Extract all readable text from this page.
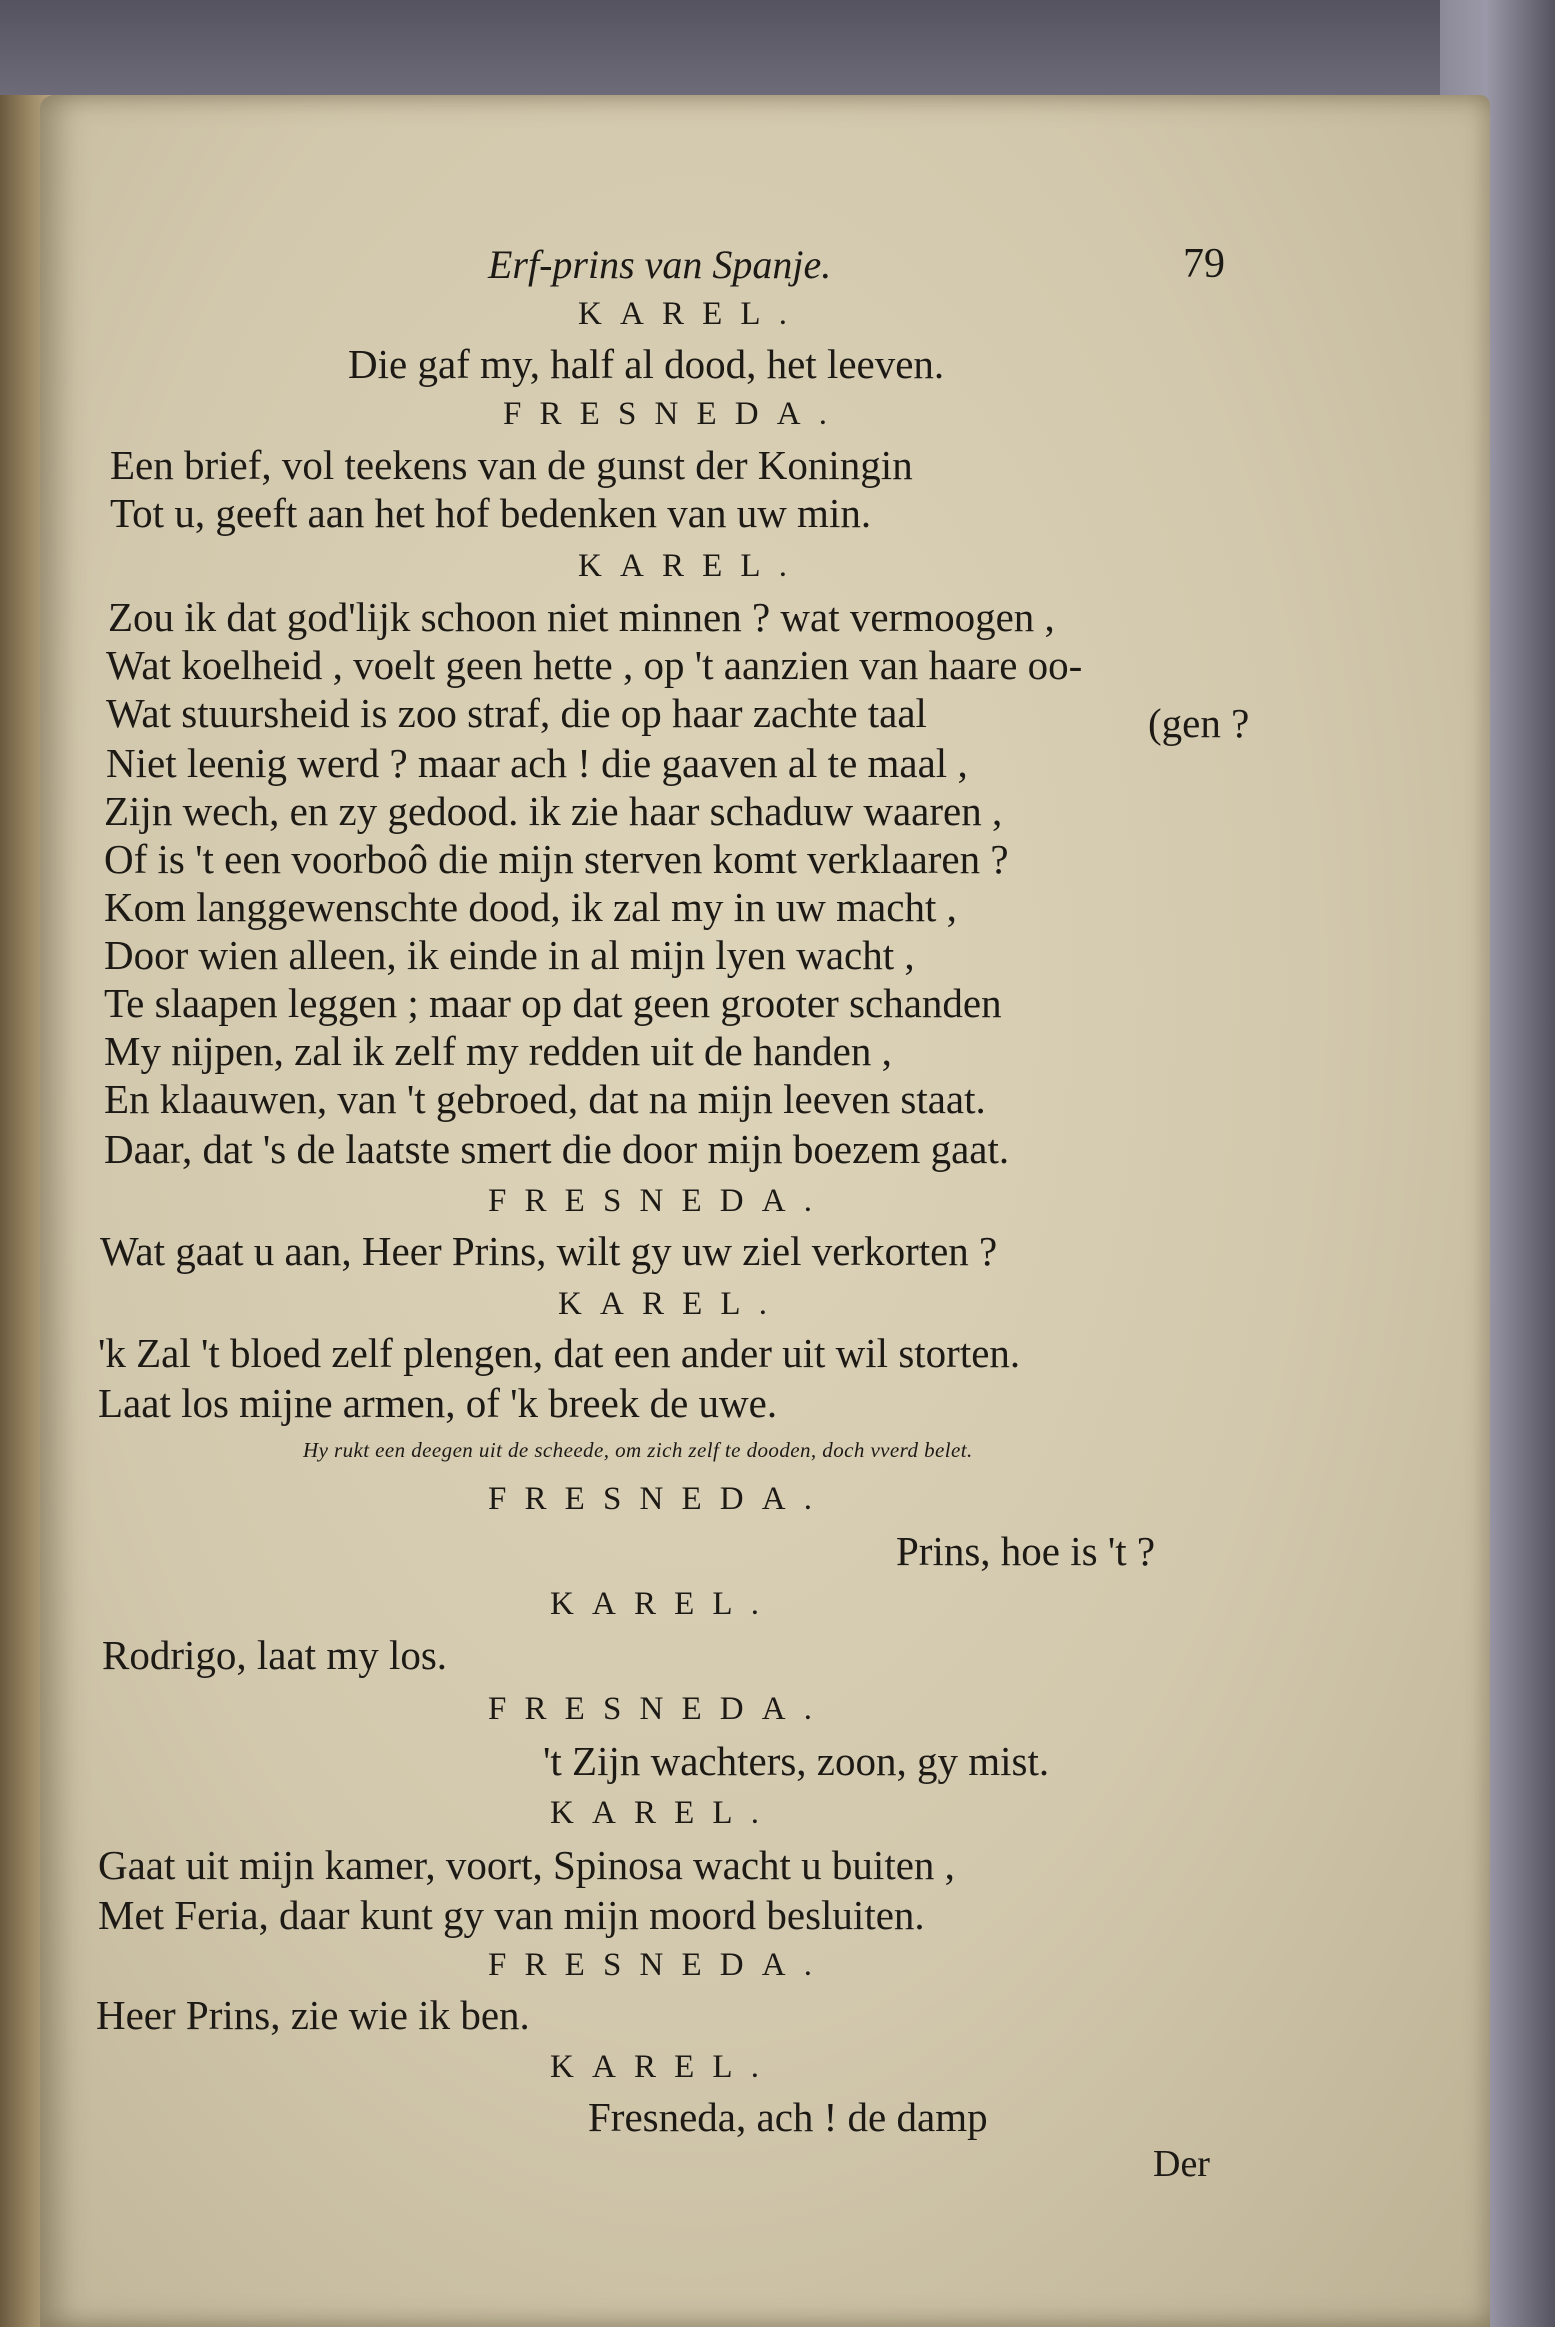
Erf-prins van Spanje.	79
KAREL.
Die gaf my, half al dood, het leeven.
FRESNEDA.
Een brief, vol teekens van de gunst der Koningin
Tot u, geeft aan het hof bedenken van uw min.
KAREL.
Zou ik dat god'lijk schoon niet minnen ? wat vermoogen ,
Wat koelheid , voelt geen hette , op 't aanzien van haare oo-
Wat stuursheid is zoo straf, die op haar zachte taal	(gen ?
Niet leenig werd ? maar ach ! die gaaven al te maal ,
Zijn wech, en zy gedood. ik zie haar schaduw waaren ,
Of is 't een voorboô die mijn sterven komt verklaaren ?
Kom langgewenschte dood, ik zal my in uw macht ,
Door wien alleen, ik einde in al mijn lyen wacht ,
Te slaapen leggen ; maar op dat geen grooter schanden
My nijpen, zal ik zelf my redden uit de handen ,
En klaauwen, van 't gebroed, dat na mijn leeven staat.
Daar, dat 's de laatste smert die door mijn boezem gaat.
FRESNEDA.
Wat gaat u aan, Heer Prins, wilt gy uw ziel verkorten ?
KAREL.
'k Zal 't bloed zelf plengen, dat een ander uit wil storten.
Laat los mijne armen, of 'k breek de uwe.
Hy rukt een deegen uit de scheede, om zich zelf te dooden, doch vverd belet.
FRESNEDA.
Prins, hoe is 't ?
KAREL.
Rodrigo, laat my los.
FRESNEDA.
't Zijn wachters, zoon, gy mist.
KAREL.
Gaat uit mijn kamer, voort, Spinosa wacht u buiten ,
Met Feria, daar kunt gy van mijn moord besluiten.
FRESNEDA.
Heer Prins, zie wie ik ben.
KAREL.
Fresneda, ach ! de damp
Der
